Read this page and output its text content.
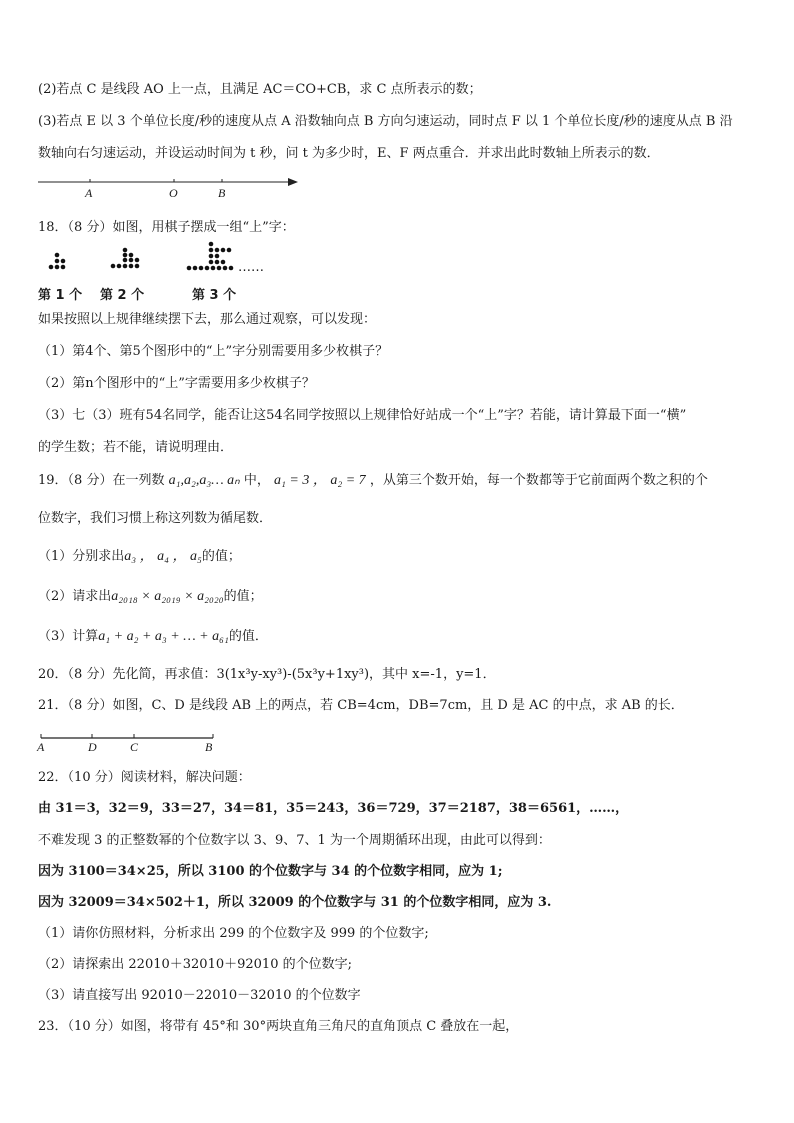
(2)若点 C 是线段 AO 上一点，且满足 AC＝CO+CB，求 C 点所表示的数；
(3)若点 E 以 3 个单位长度/秒的速度从点 A 沿数轴向点 B 方向匀速运动，同时点 F 以 1 个单位长度/秒的速度从点 B 沿
数轴向右匀速运动，并设运动时间为 t 秒，问 t 为多少时，E、F 两点重合．并求出此时数轴上所表示的数．
A	O	B
18．（8 分）如图，用棋子摆成一组“上”字：
……
第 1 个 第 2 个	第 3 个
如果按照以上规律继续摆下去，那么通过观察，可以发现：
（1）第4个、第5个图形中的“上”字分别需要用多少枚棋子？
（2）第n个图形中的“上”字需要用多少枚棋子？
（3）七（3）班有54名同学，能否让这54名同学按照以上规律恰好站成一个“上”字？若能，请计算最下面一“横”
的学生数；若不能，请说明理由．
19．（8 分）在一列数 a₁,a₂,a₃… aₙ 中， a₁ = 3 ， a₂ = 7 ，从第三个数开始，每一个数都等于它前面两个数之积的个
位数字，我们习惯上称这列数为循尾数．
（1）分别求出a₃ ， a₄ ， a₅的值；
（2）请求出a₂₀₁₈ × a₂₀₁₉ × a₂₀₂₀的值；
（3）计算a₁ + a₂ + a₃ + … + a₆₁的值．
20．（8 分）先化简，再求值：3(1x³y-xy³)-(5x³y+1xy³)，其中 x=-1，y=1．
21．（8 分）如图，C、D 是线段 AB 上的两点，若 CB=4cm，DB=7cm，且 D 是 AC 的中点，求 AB 的长．
A	D	C	B
22．（10 分）阅读材料，解决问题：
由 31＝3，32＝9，33＝27，34＝81，35＝243，36＝729，37＝2187，38＝6561，……，
不难发现 3 的正整数幂的个位数字以 3、9、7、1 为一个周期循环出现，由此可以得到：
因为 3100＝34×25，所以 3100 的个位数字与 34 的个位数字相同，应为 1;
因为 32009＝34×502＋1，所以 32009 的个位数字与 31 的个位数字相同，应为 3.
（1）请你仿照材料，分析求出 299 的个位数字及 999 的个位数字;
（2）请探索出 22010＋32010＋92010 的个位数字;
（3）请直接写出 92010－22010－32010 的个位数字
23．（10 分）如图，将带有 45°和 30°两块直角三角尺的直角顶点 C 叠放在一起，
